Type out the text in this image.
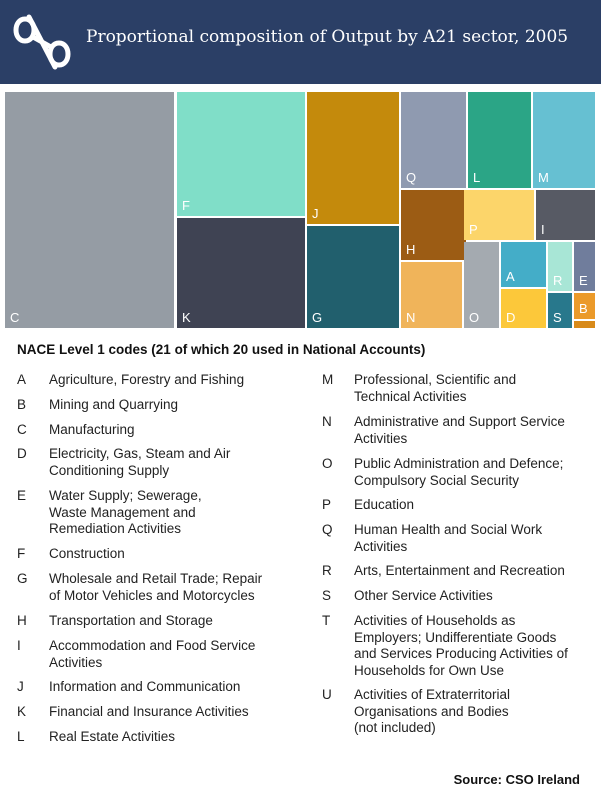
Proportional composition of Output by A21 sector, 2005
C
F
K
J
G
Q
H
N
L	M
P	I
O
A
D
R E
S
B
NACE Level 1 codes (21 of which 20 used in National Accounts)
A	Agriculture, Forestry and Fishing
B	Mining and Quarrying
C	Manufacturing
D	Electricity, Gas, Steam and Air
Conditioning Supply
E	Water Supply; Sewerage,
Waste Management and
Remediation Activities
F	Construction
G	Wholesale and Retail Trade; Repair
of Motor Vehicles and Motorcycles
H	Transportation and Storage
I	Accommodation and Food Service
Activities
J	Information and Communication
K	Financial and Insurance Activities
L	Real Estate Activities
M	Professional, Scientific and
Technical Activities
N	Administrative and Support Service
Activities
O	Public Administration and Defence;
Compulsory Social Security
P	Education
Q	Human Health and Social Work
Activities
R	Arts, Entertainment and Recreation
S	Other Service Activities
T	Activities of Households as
Employers; Undifferentiate Goods
and Services Producing Activities of
Households for Own Use
U	Activities of Extraterritorial
Organisations and Bodies
(not included)
Source: CSO Ireland
